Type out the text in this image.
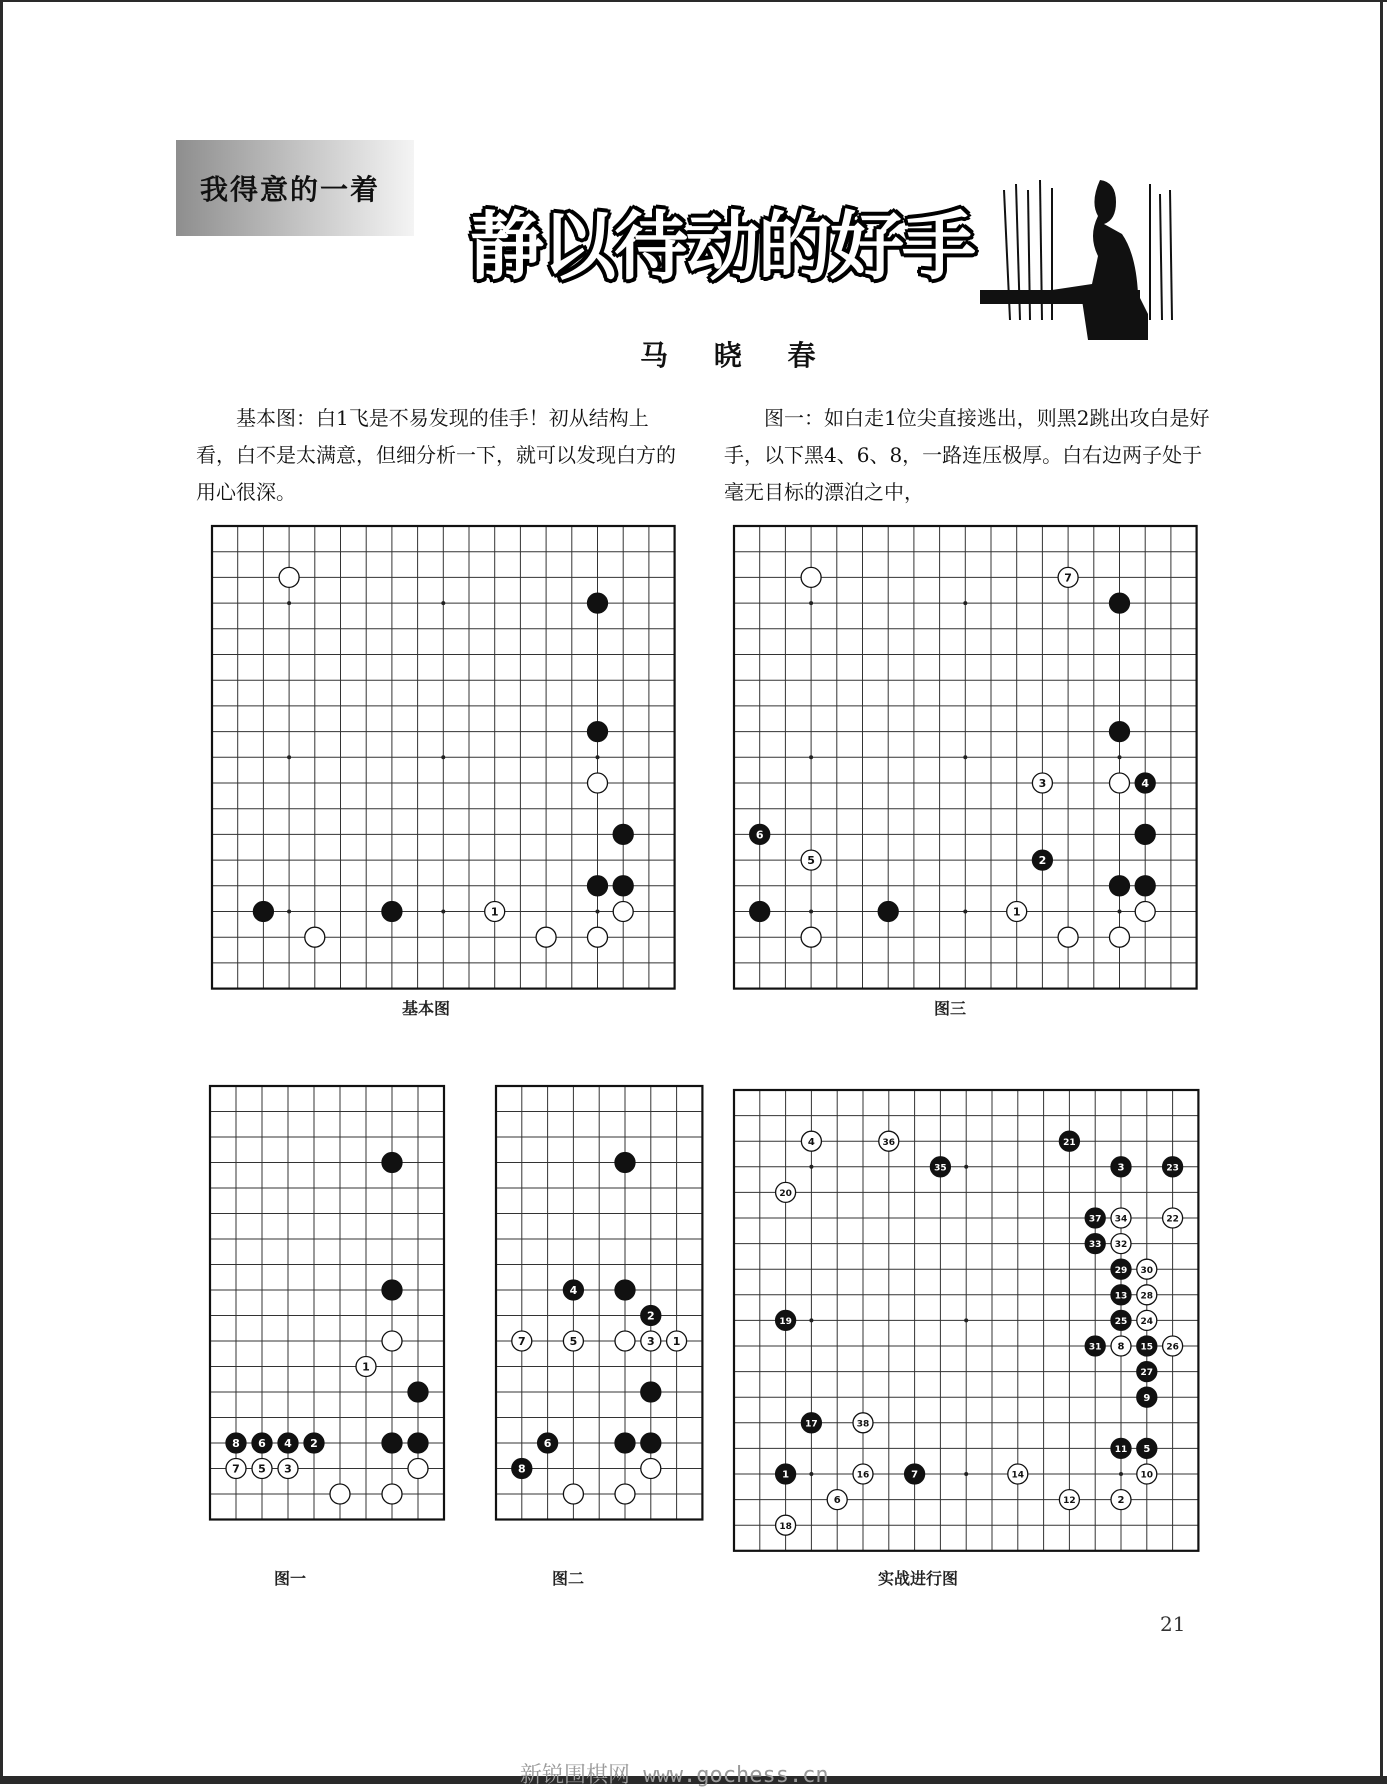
我得意的一着
静以待动的好手
马 晓 春

基本图：白1飞是不易发现的佳手！初从结构上看，白不是太满意，但细分析一下，就可以发现白方的用心很深。

图一：如白走1位尖直接逃出，则黑2跳出攻白是好手，以下黑4、6、8，一路连压极厚。白右边两子处于毫无目标的漂泊之中，

1
基本图
7
3	4
6
5	2
1
图三
1
8 6 4 2
7 5 3
图一
4
2
7	5	3 1
6
8
图二
4	36	21
35	3	23
20
37 34	22
33 32
29 30
13 28
19	25 24
31 8 15 26
27
9
17	38
11 5
1	16	7	14	10
6	12	2
18
实战进行图
21
新锐围棋网 www.gochess.cn
